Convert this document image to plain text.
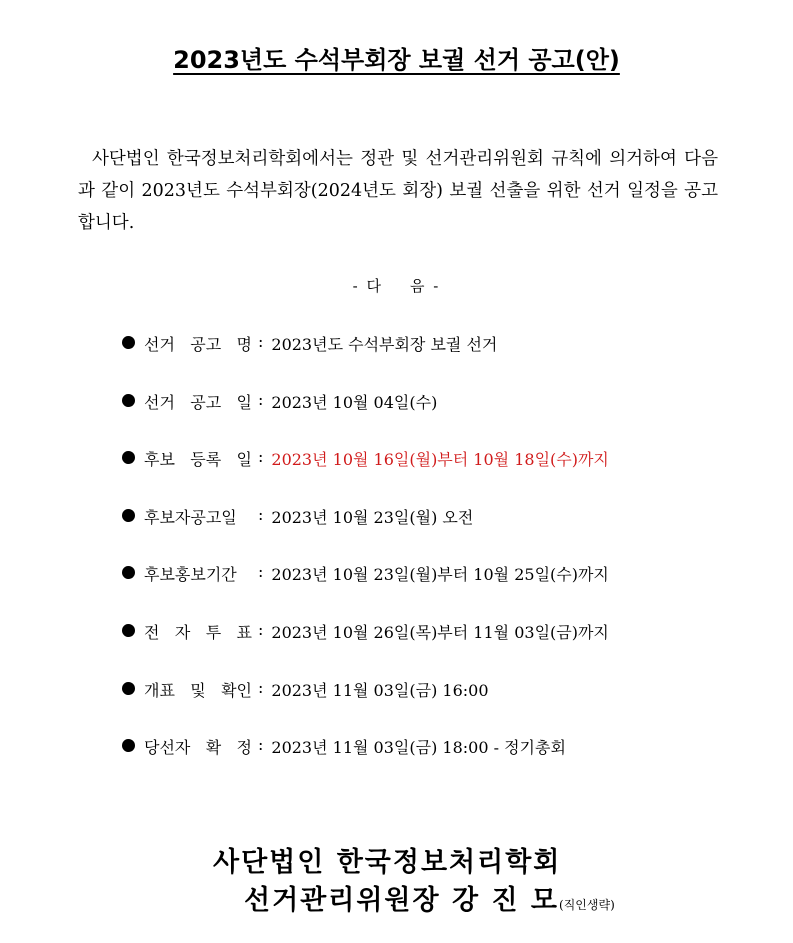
2023년도 수석부회장 보궐 선거 공고(안)
사단법인 한국정보처리학회에서는 정관 및 선거관리위원회 규칙에 의거하여 다음과 같이 2023년도 수석부회장(2024년도 회장) 보궐 선출을 위한 선거 일정을 공고합니다.
- 다    음 -
선거 공고 명 : 2023년도 수석부회장 보궐 선거
선거 공고 일 : 2023년 10월 04일(수)
후보 등록 일 : 2023년 10월 16일(월)부터 10월 18일(수)까지
후보자공고일	: 2023년 10월 23일(월) 오전
후보홍보기간	: 2023년 10월 23일(월)부터 10월 25일(수)까지
전 자 투 표 : 2023년 10월 26일(목)부터 11월 03일(금)까지
개표 및 확인 : 2023년 11월 03일(금) 16:00
당선자 확 정 : 2023년 11월 03일(금) 18:00 - 정기총회
사단법인 한국정보처리학회
선거관리위원장 강 진 모(직인생략)
